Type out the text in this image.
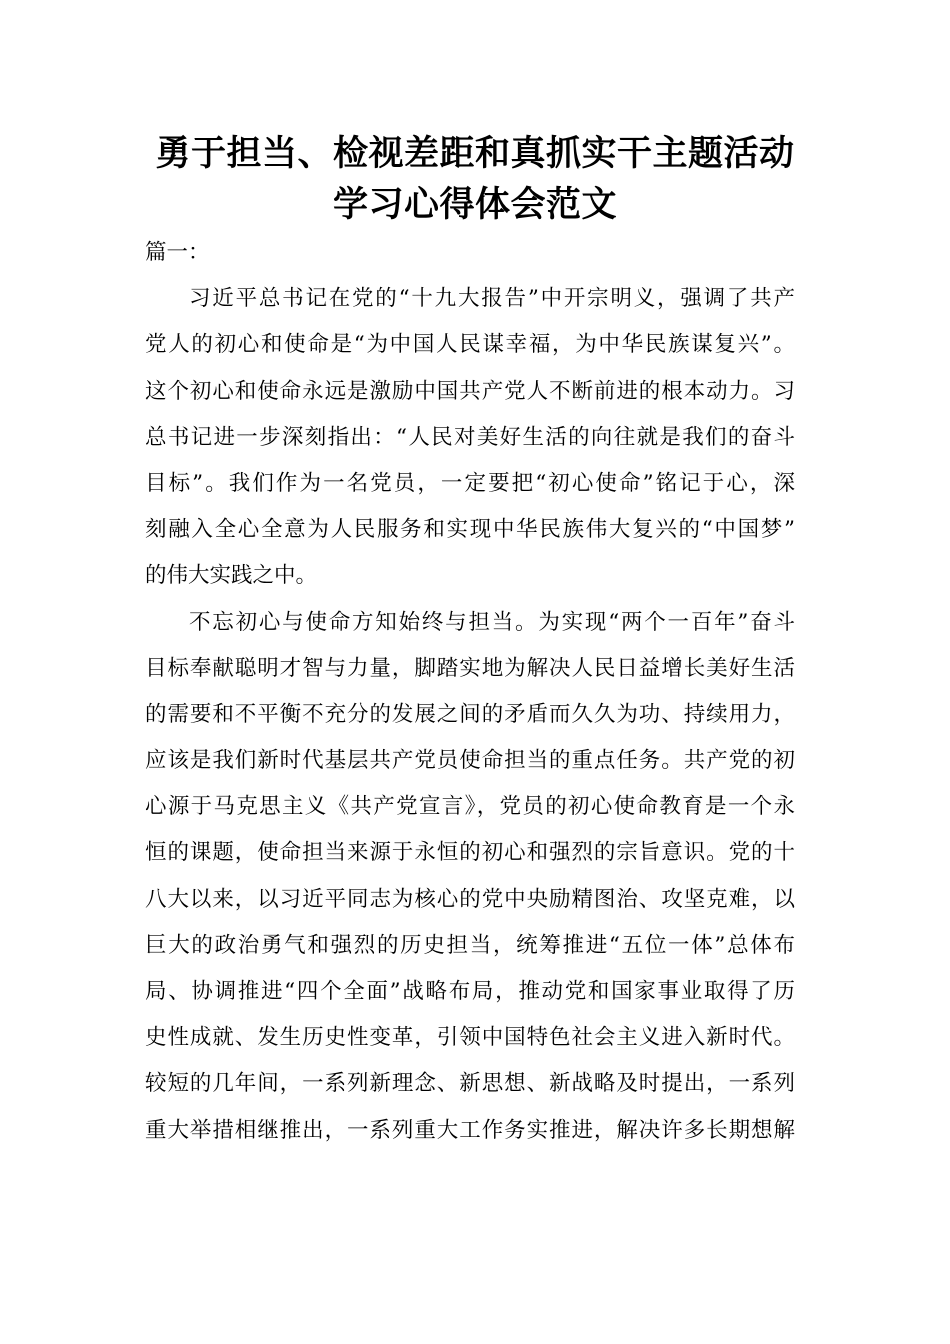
勇于担当、检视差距和真抓实干主题活动
学习心得体会范文
篇一：
习近平总书记在党的“十九大报告”中开宗明义，强调了共产
党人的初心和使命是“为中国人民谋幸福，为中华民族谋复兴”。
这个初心和使命永远是激励中国共产党人不断前进的根本动力。习
总书记进一步深刻指出：“人民对美好生活的向往就是我们的奋斗
目标”。我们作为一名党员，一定要把“初心使命”铭记于心，深
刻融入全心全意为人民服务和实现中华民族伟大复兴的“中国梦”
的伟大实践之中。
不忘初心与使命方知始终与担当。为实现“两个一百年”奋斗
目标奉献聪明才智与力量，脚踏实地为解决人民日益增长美好生活
的需要和不平衡不充分的发展之间的矛盾而久久为功、持续用力，
应该是我们新时代基层共产党员使命担当的重点任务。共产党的初
心源于马克思主义《共产党宣言》，党员的初心使命教育是一个永
恒的课题，使命担当来源于永恒的初心和强烈的宗旨意识。党的十
八大以来，以习近平同志为核心的党中央励精图治、攻坚克难，以
巨大的政治勇气和强烈的历史担当，统筹推进“五位一体”总体布
局、协调推进“四个全面”战略布局，推动党和国家事业取得了历
史性成就、发生历史性变革，引领中国特色社会主义进入新时代。
较短的几年间，一系列新理念、新思想、新战略及时提出，一系列
重大举措相继推出，一系列重大工作务实推进，解决许多长期想解
